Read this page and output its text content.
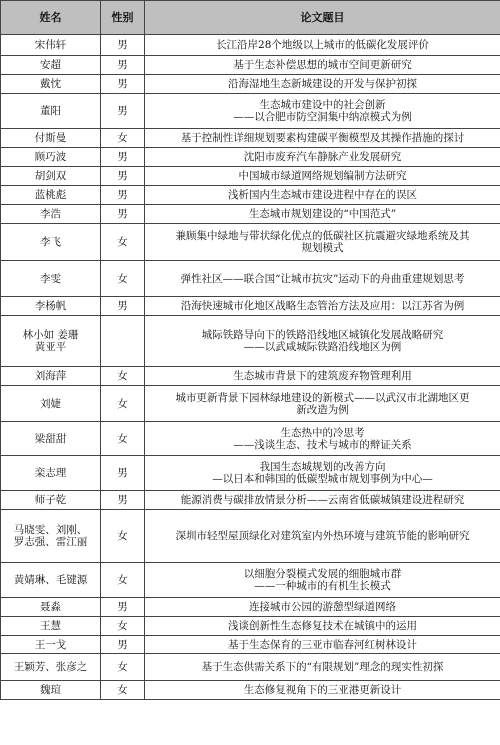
姓名	性别	论文题目

宋伟轩	男	长江沿岸28个地级以上城市的低碳化发展评价

安超	男	基于生态补偿思想的城市空间更新研究

戴忱	男	沿海湿地生态新城建设的开发与保护初探

董阳	男	生态城市建设中的社会创新
——以合肥市防空洞集中纳凉模式为例

付斯曼	女	基于控制性详细规划要素构建碳平衡模型及其操作措施的探讨

顾巧波	男	沈阳市废弃汽车静脉产业发展研究

胡剑双	男	中国城市绿道网络规划编制方法研究

蓝桃彪	男	浅析国内生态城市建设进程中存在的误区

李浩	男	生态城市规划建设的“中国范式”

李飞	女	兼顾集中绿地与带状绿化优点的低碳社区抗震避灾绿地系统及其
规划模式

李雯	女	弹性社区——联合国“让城市抗灾”运动下的舟曲重建规划思考

李杨帆	男	沿海快速城市化地区战略生态管治方法及应用：以江苏省为例

林小如 姜珊
黄亚平		城际铁路导向下的铁路沿线地区城镇化发展战略研究
——以武咸城际铁路沿线地区为例

刘海萍	女	生态城市背景下的建筑废弃物管理利用

刘婕	女	城市更新背景下园林绿地建设的新模式——以武汉市北湖地区更
新改造为例

梁甜甜	女	生态热中的冷思考
——浅谈生态、技术与城市的辩证关系

栾志理	男	我国生态城规划的改善方向
—以日本和韩国的低碳型城市规划事例为中心—

师子乾	男	能源消费与碳排放情景分析——云南省低碳城镇建设进程研究

马晓雯、刘刚、
罗志强、雷江丽	女	深圳市轻型屋顶绿化对建筑室内外热环境与建筑节能的影响研究

黄婧琳、毛键源	女	以细胞分裂模式发展的细胞城市群
——一种城市的有机生长模式

聂淼	男	连接城市公园的游憩型绿道网络

王慧	女	浅谈创新性生态修复技术在城镇中的运用

王一戈	男	基于生态保育的三亚市临春河红树林设计

王颖芳、张彦之	女	基于生态供需关系下的“有限规划”理念的现实性初探

魏瑄	女	生态修复视角下的三亚港更新设计
